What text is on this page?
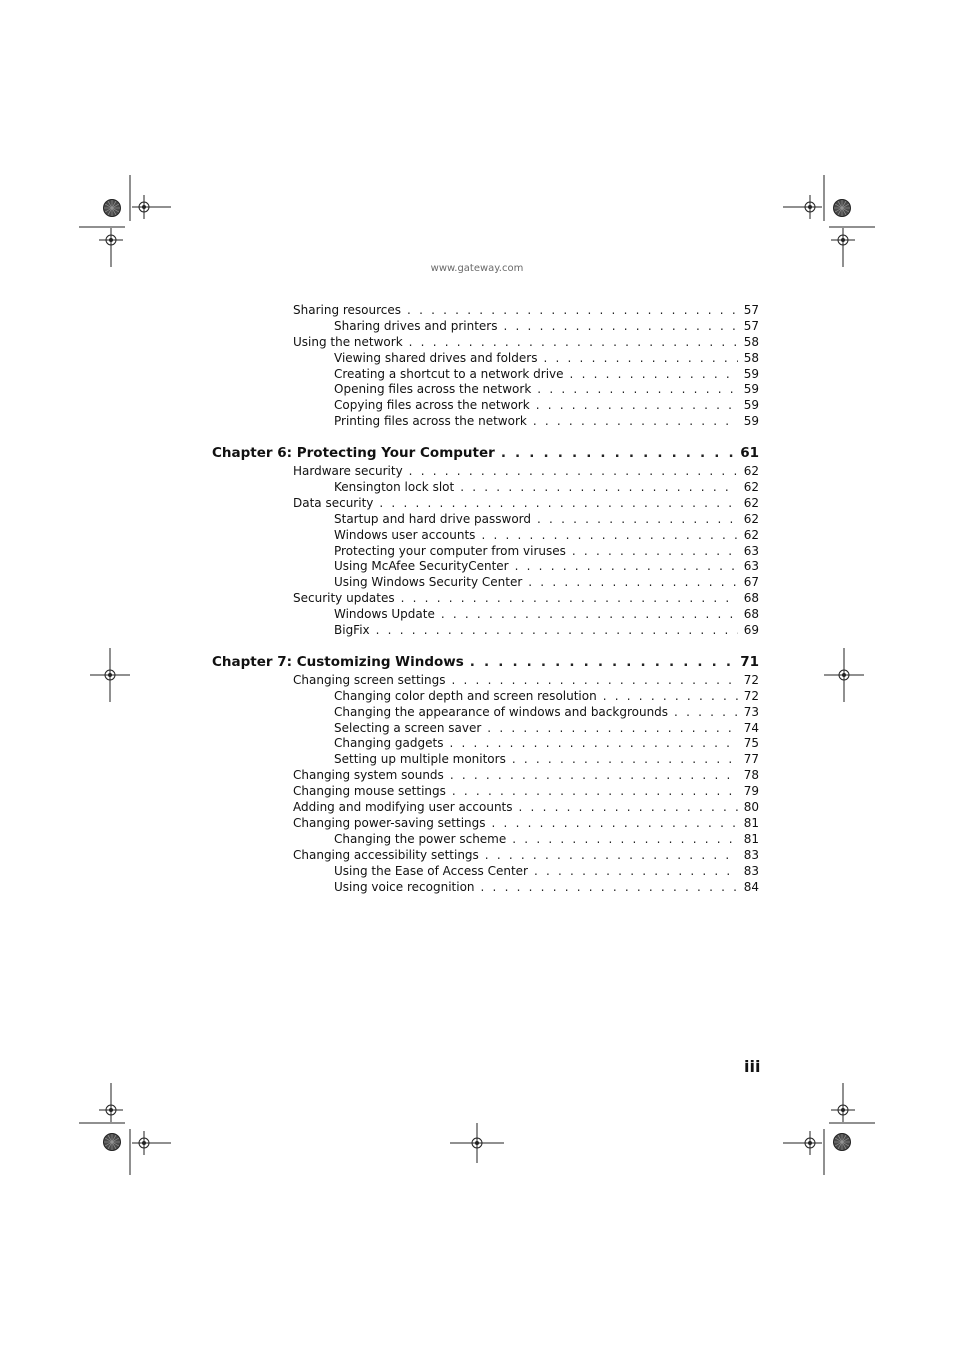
www.gateway.com
Sharing resources . . .	57
Sharing drives and printers . . .	57
Using the network . . .	58
Viewing shared drives and folders . . .	58
Creating a shortcut to a network drive . . .	59
Opening files across the network . . .	59
Copying files across the network . . .	59
Printing files across the network . . .	59
Chapter 6: Protecting Your Computer . . .	61
Hardware security . . .	62
Kensington lock slot . . .	62
Data security . . .	62
Startup and hard drive password . . .	62
Windows user accounts . . .	62
Protecting your computer from viruses . . .	63
Using McAfee SecurityCenter . . .	63
Using Windows Security Center . . .	67
Security updates . . .	68
Windows Update . . .	68
BigFix . . .	69
Chapter 7: Customizing Windows . . .	71
Changing screen settings . . .	72
Changing color depth and screen resolution . . .	72
Changing the appearance of windows and backgrounds . . .	73
Selecting a screen saver . . .	74
Changing gadgets . . .	75
Setting up multiple monitors . . .	77
Changing system sounds . . .	78
Changing mouse settings . . .	79
Adding and modifying user accounts . . .	80
Changing power-saving settings . . .	81
Changing the power scheme . . .	81
Changing accessibility settings . . .	83
Using the Ease of Access Center . . .	83
Using voice recognition . . .	84
iii
